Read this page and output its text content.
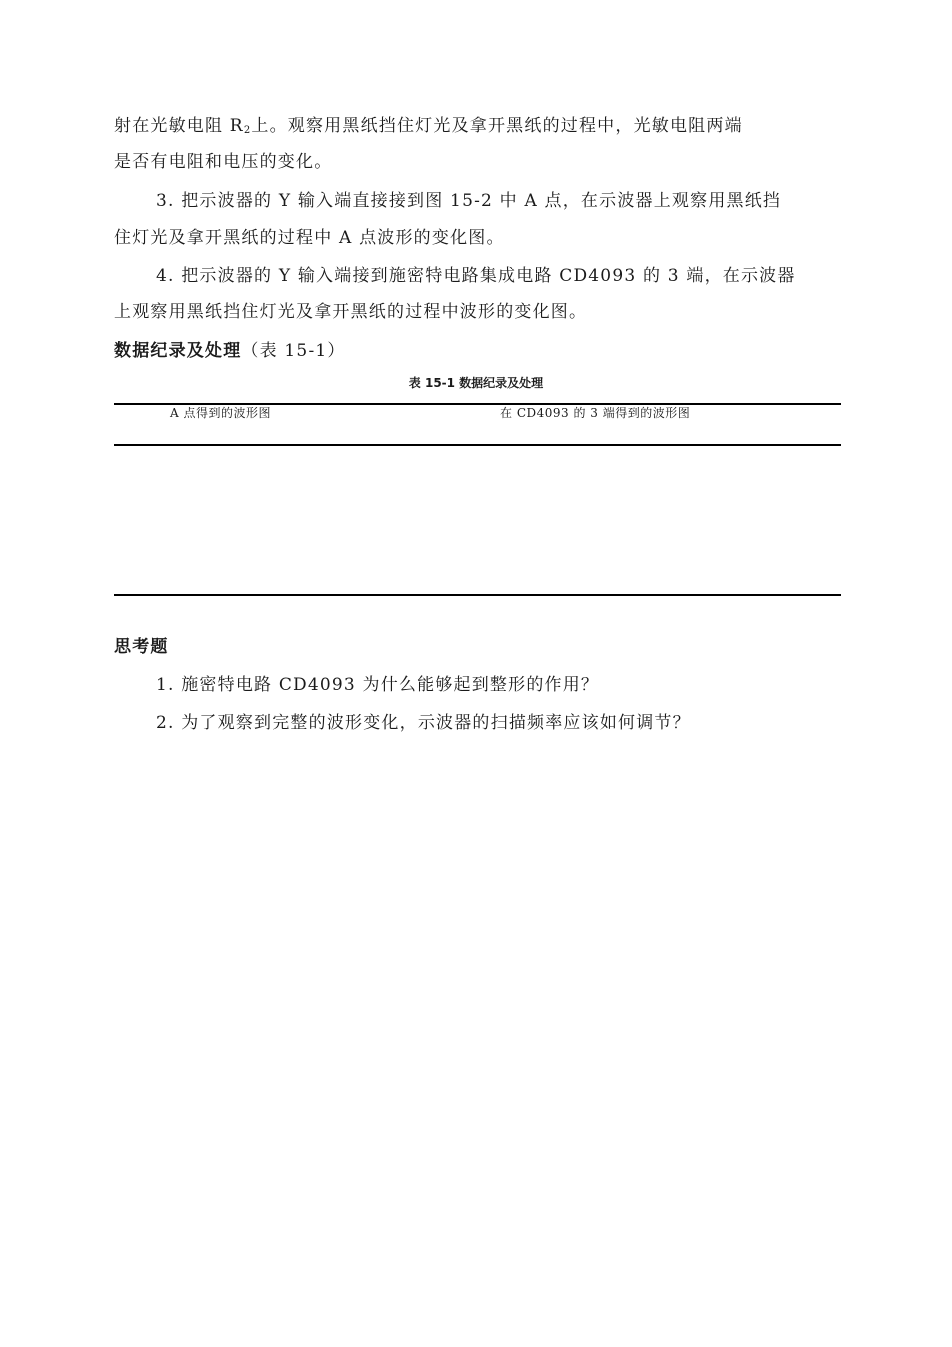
射在光敏电阻 $R_2$上。观察用黑纸挡住灯光及拿开黑纸的过程中，光敏电阻两端
是否有电阻和电压的变化。
3. 把示波器的 Y 输入端直接接到图 15-2 中 A 点，在示波器上观察用黑纸挡
住灯光及拿开黑纸的过程中 A 点波形的变化图。
4. 把示波器的 Y 输入端接到施密特电路集成电路 CD4093 的 3 端，在示波器
上观察用黑纸挡住灯光及拿开黑纸的过程中波形的变化图。
数据纪录及处理（表 15-1）
表 15-1 数据纪录及处理
A 点得到的波形图	在 CD4093 的 3 端得到的波形图
思考题
1. 施密特电路 CD4093 为什么能够起到整形的作用？
2. 为了观察到完整的波形变化，示波器的扫描频率应该如何调节？
